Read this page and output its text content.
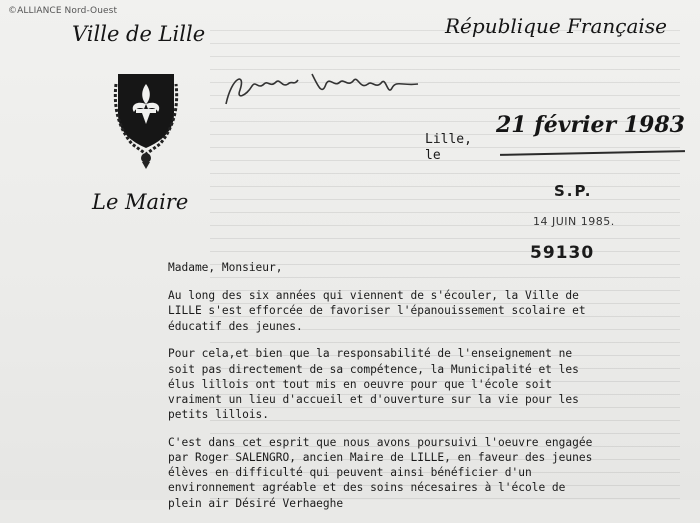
©ALLIANCE Nord-Ouest
Ville de Lille	République Française
Lille,
le
21 février 1983
Le Maire	S.P.
14 JUIN 1985.
59130

Madame, Monsieur,

Au long des six années qui viennent de s'écouler, la Ville de
LILLE s'est efforcée de favoriser l'épanouissement scolaire et
éducatif des jeunes.

Pour cela,et bien que la responsabilité de l'enseignement ne
soit pas directement de sa compétence, la Municipalité et les
élus lillois ont tout mis en oeuvre pour que l'école soit
vraiment un lieu d'accueil et d'ouverture sur la vie pour les
petits lillois.

C'est dans cet esprit que nous avons poursuivi l'oeuvre engagée
par Roger SALENGRO, ancien Maire de LILLE, en faveur des jeunes
élèves en difficulté qui peuvent ainsi bénéficier d'un
environnement agréable et des soins nécesaires à l'école de
plein air Désiré Verhaeghe
